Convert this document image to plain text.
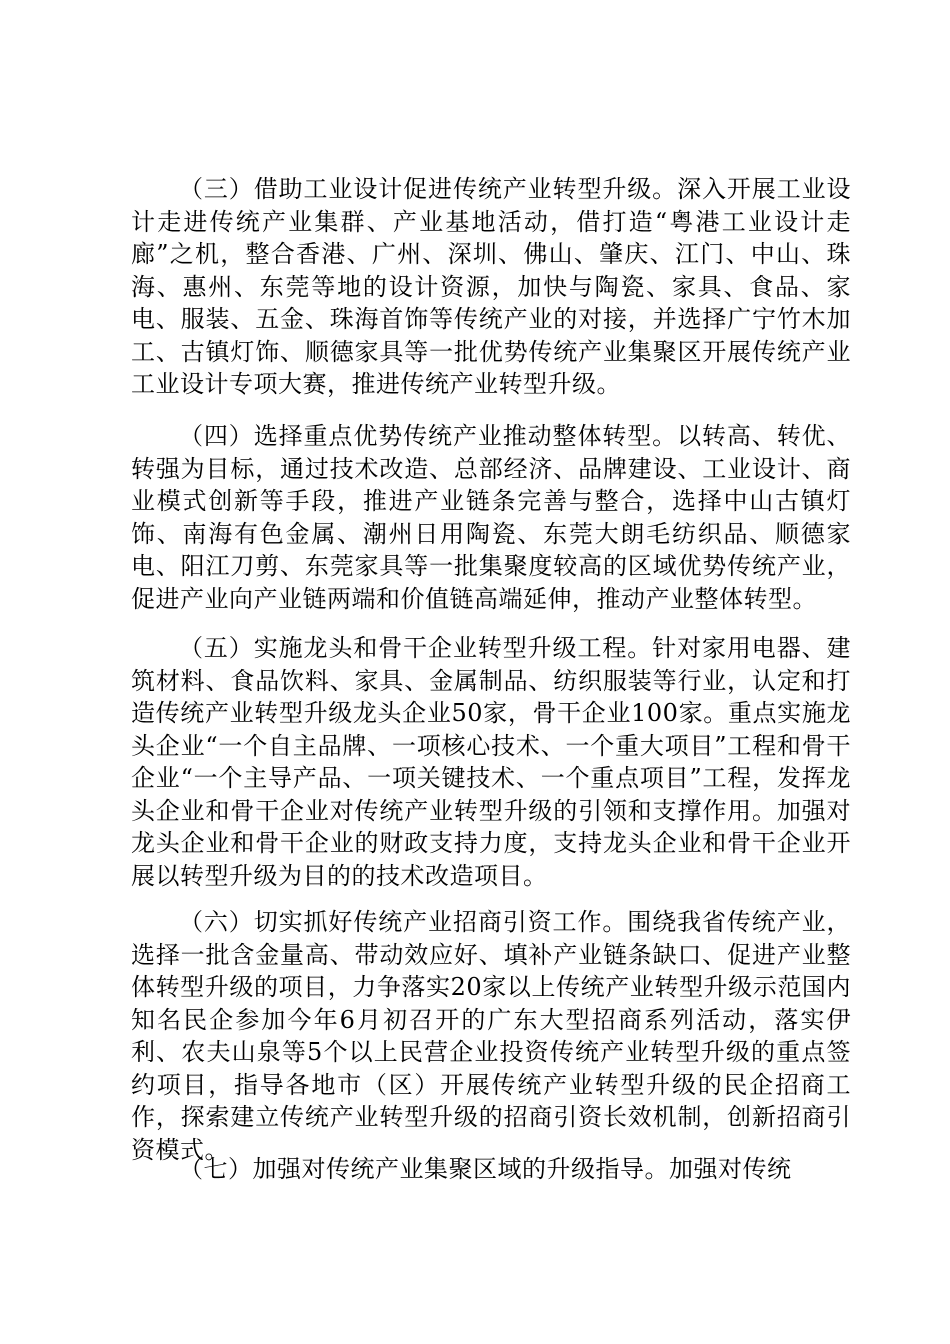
（三）借助工业设计促进传统产业转型升级。深入开展工业设计走进传统产业集群、产业基地活动，借打造“粤港工业设计走廊”之机，整合香港、广州、深圳、佛山、肇庆、江门、中山、珠海、惠州、东莞等地的设计资源，加快与陶瓷、家具、食品、家电、服装、五金、珠海首饰等传统产业的对接，并选择广宁竹木加工、古镇灯饰、顺德家具等一批优势传统产业集聚区开展传统产业工业设计专项大赛，推进传统产业转型升级。

（四）选择重点优势传统产业推动整体转型。以转高、转优、转强为目标，通过技术改造、总部经济、品牌建设、工业设计、商业模式创新等手段，推进产业链条完善与整合，选择中山古镇灯饰、南海有色金属、潮州日用陶瓷、东莞大朗毛纺织品、顺德家电、阳江刀剪、东莞家具等一批集聚度较高的区域优势传统产业，促进产业向产业链两端和价值链高端延伸，推动产业整体转型。

（五）实施龙头和骨干企业转型升级工程。针对家用电器、建筑材料、食品饮料、家具、金属制品、纺织服装等行业，认定和打造传统产业转型升级龙头企业50家，骨干企业100家。重点实施龙头企业“一个自主品牌、一项核心技术、一个重大项目”工程和骨干企业“一个主导产品、一项关键技术、一个重点项目”工程，发挥龙头企业和骨干企业对传统产业转型升级的引领和支撑作用。加强对龙头企业和骨干企业的财政支持力度，支持龙头企业和骨干企业开展以转型升级为目的的技术改造项目。

（六）切实抓好传统产业招商引资工作。围绕我省传统产业，选择一批含金量高、带动效应好、填补产业链条缺口、促进产业整体转型升级的项目，力争落实20家以上传统产业转型升级示范国内知名民企参加今年6月初召开的广东大型招商系列活动，落实伊利、农夫山泉等5个以上民营企业投资传统产业转型升级的重点签约项目，指导各地市（区）开展传统产业转型升级的民企招商工作，探索建立传统产业转型升级的招商引资长效机制，创新招商引资模式。

（七）加强对传统产业集聚区域的升级指导。加强对传统
